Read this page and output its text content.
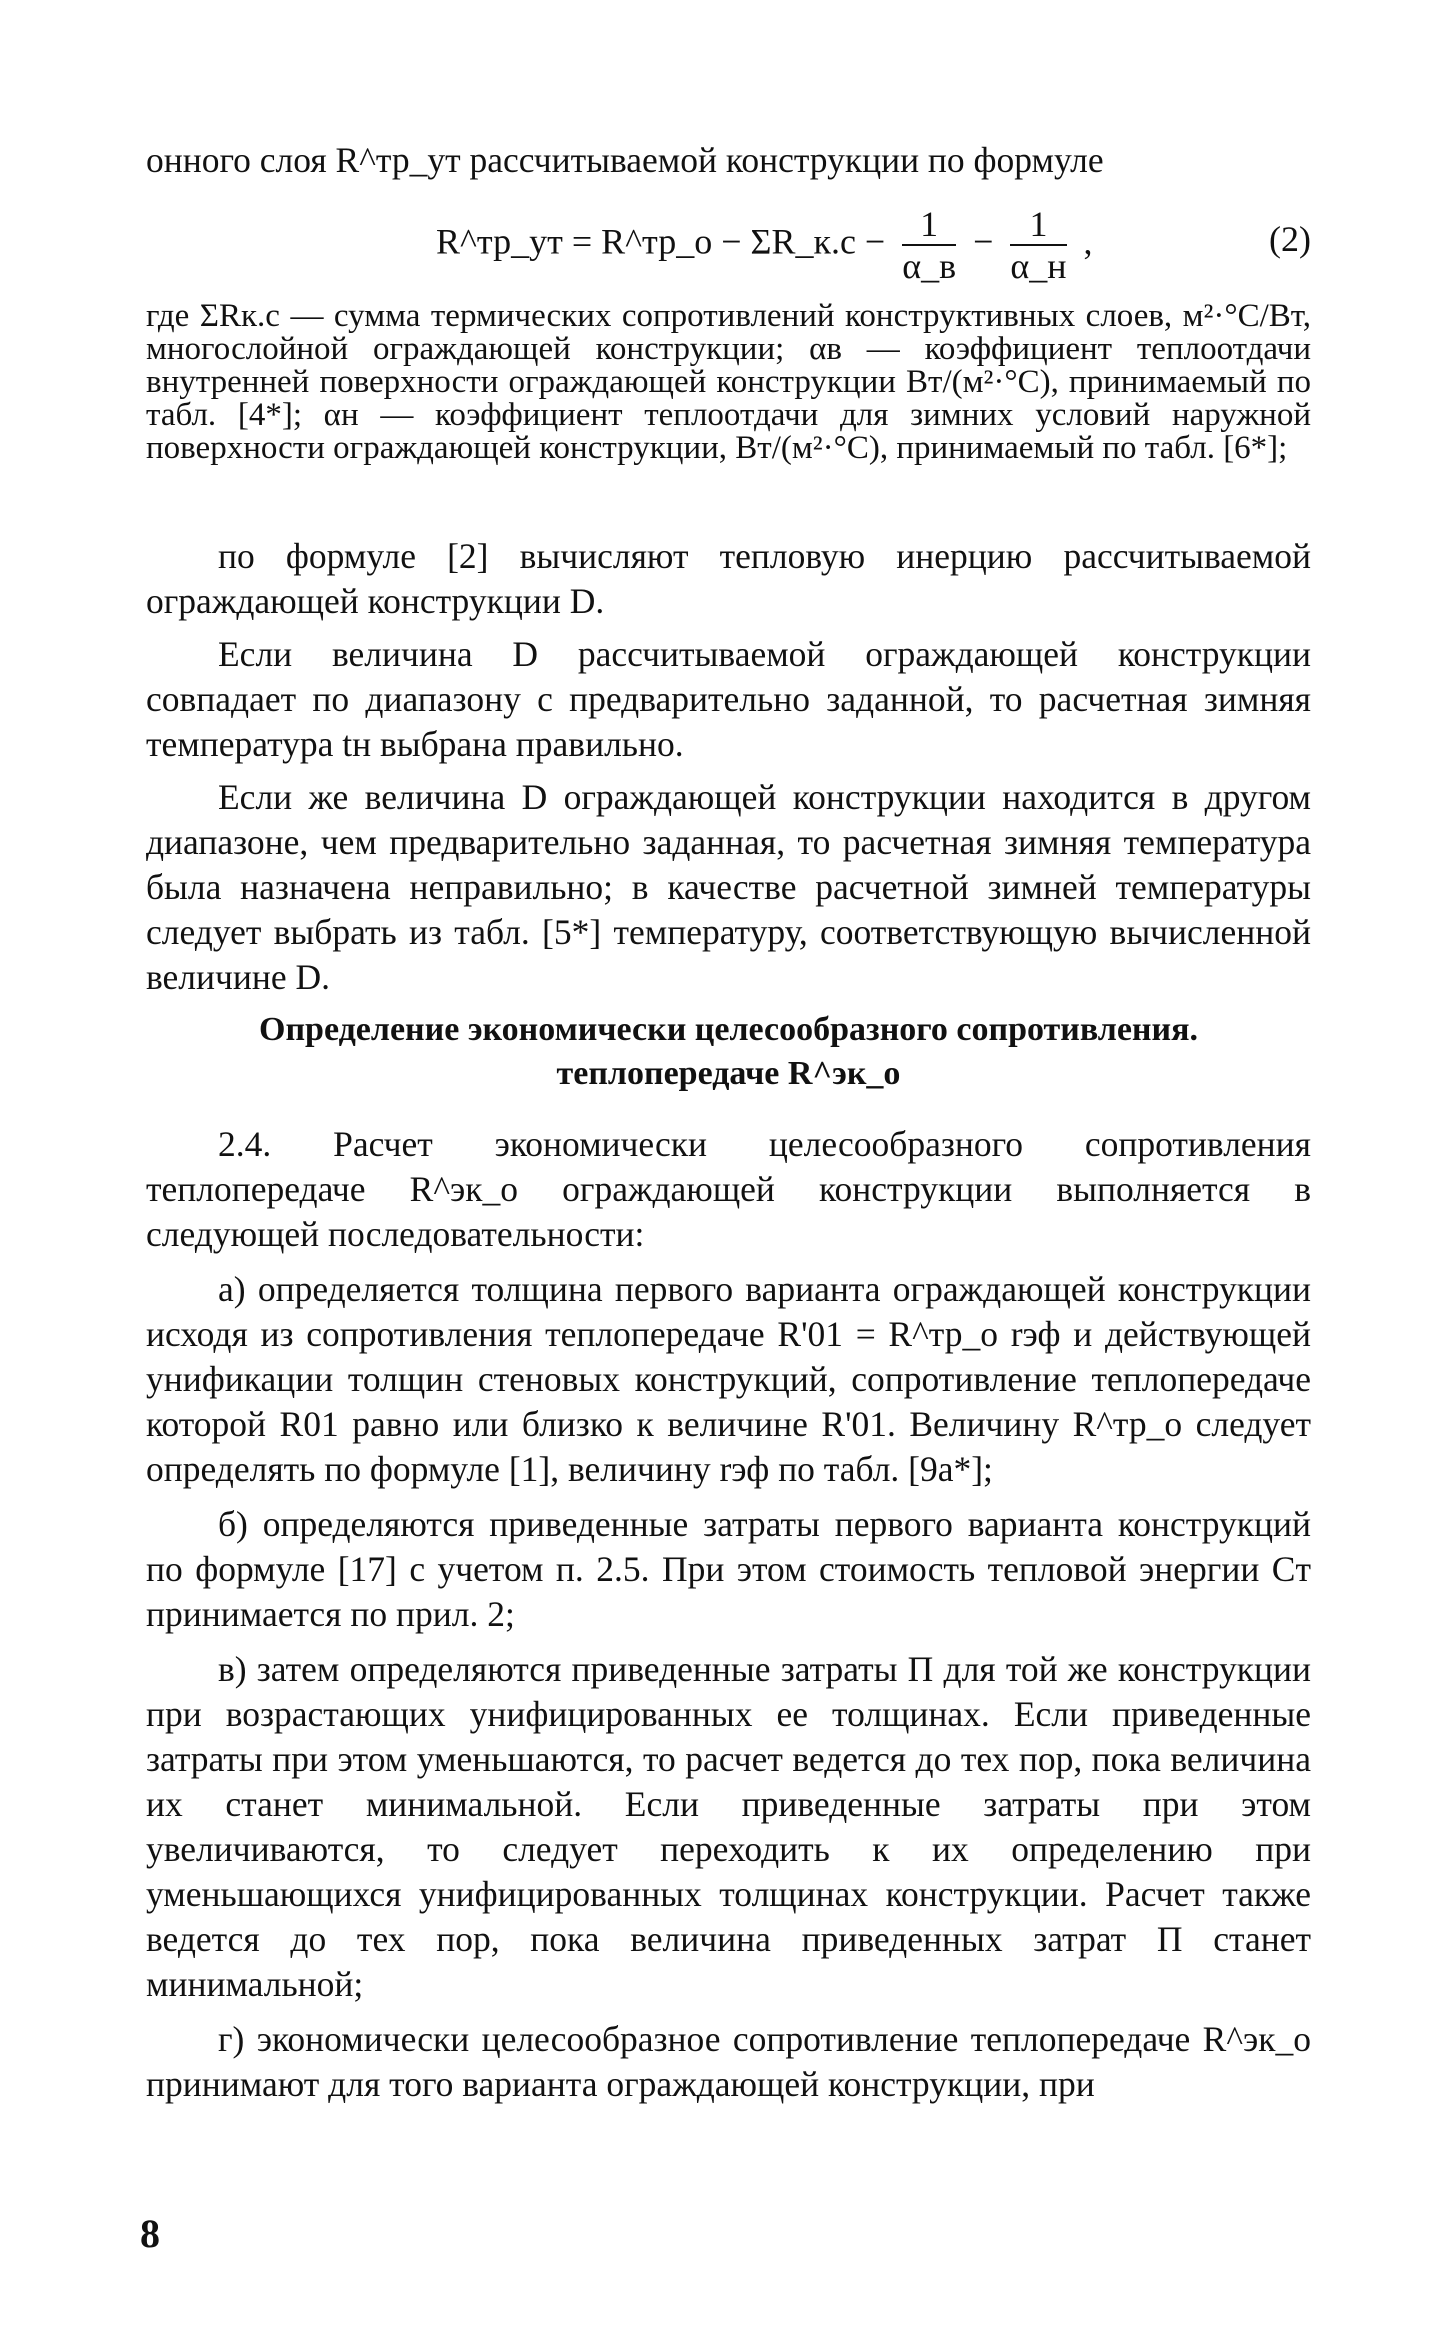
онного слоя R^тр_ут рассчитываемой конструкции по формуле

R^тр_ут = R^тр_о − ΣR_к.с − $\frac{1}{\alpha\_в} - \frac{1}{\alpha\_н}$ ,	(2)

где ΣRк.с — сумма термических сопротивлений конструктивных слоев, м²·°С/Вт, многослойной ограждающей конструкции; αв — коэффициент теплоотдачи внутренней поверхности ограждающей конструкции Вт/(м²·°С), принимаемый по табл. [4*]; αн — коэффициент теплоотдачи для зимних условий наружной поверхности ограждающей конструкции, Вт/(м²·°С), принимаемый по табл. [6*];

по формуле [2] вычисляют тепловую инерцию рассчитываемой ограждающей конструкции D.

Если величина D рассчитываемой ограждающей конструкции совпадает по диапазону с предварительно заданной, то расчетная зимняя температура tн выбрана правильно.

Если же величина D ограждающей конструкции находится в другом диапазоне, чем предварительно заданная, то расчетная зимняя температура была назначена неправильно; в качестве расчетной зимней температуры следует выбрать из табл. [5*] температуру, соответствующую вычисленной величине D.

Определение экономически целесообразного сопротивления.
теплопередаче R^эк_о

2.4. Расчет экономически целесообразного сопротивления теплопередаче R^эк_о ограждающей конструкции выполняется в следующей последовательности:

а) определяется толщина первого варианта ограждающей конструкции исходя из сопротивления теплопередаче R'01 = R^тр_о rэф и действующей унификации толщин стеновых конструкций, сопротивление теплопередаче которой R01 равно или близко к величине R'01. Величину R^тр_о следует определять по формуле [1], величину rэф по табл. [9а*];

б) определяются приведенные затраты первого варианта конструкций по формуле [17] с учетом п. 2.5. При этом стоимость тепловой энергии Cт принимается по прил. 2;

в) затем определяются приведенные затраты П для той же конструкции при возрастающих унифицированных ее толщинах. Если приведенные затраты при этом уменьшаются, то расчет ведется до тех пор, пока величина их станет минимальной. Если приведенные затраты при этом увеличиваются, то следует переходить к их определению при уменьшающихся унифицированных толщинах конструкции. Расчет также ведется до тех пор, пока величина приведенных затрат П станет минимальной;

г) экономически целесообразное сопротивление теплопередаче R^эк_о принимают для того варианта ограждающей конструкции, при

8
